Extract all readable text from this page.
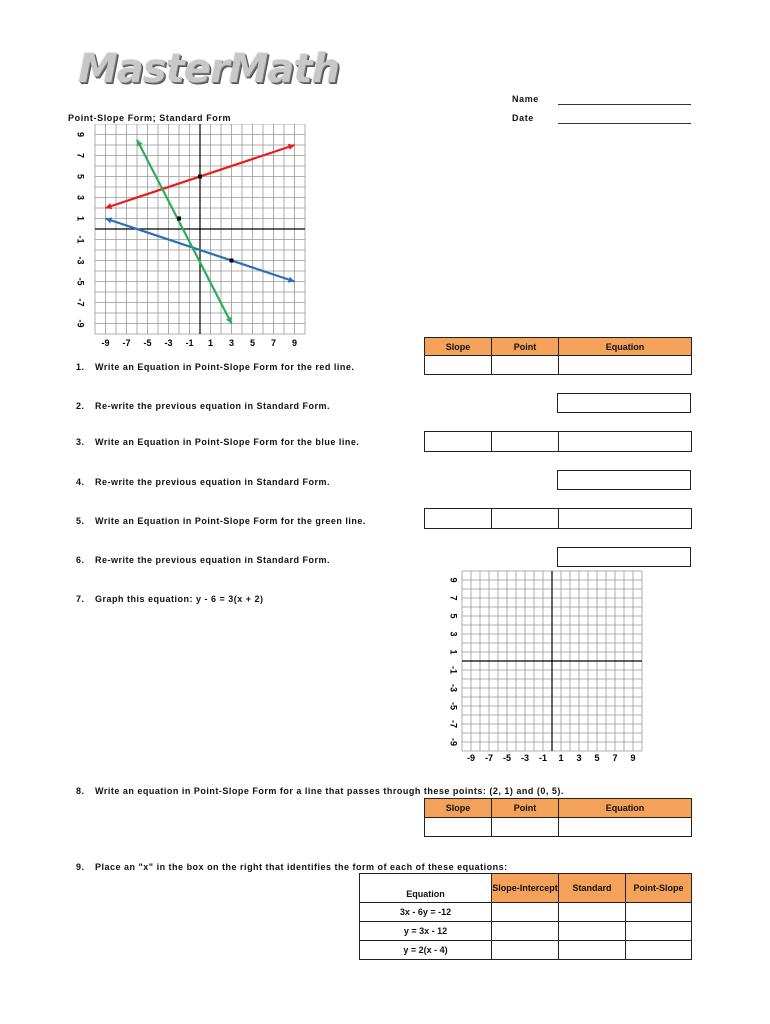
MasterMath
Name
Date
Point-Slope Form; Standard Form
-9
-9
-7
-7
-5
-5
-3
-3
-1
-1
1
1
3
3
5
5
7
7
9
9
-9
-9
-7
-7
-5
-5
-3
-3
-1
-1
1
1
3
3
5
5
7
7
9
9
Slope	Point	Equation

1. Write an Equation in Point-Slope Form for the red line.
2. Re-write the previous equation in Standard Form.
3. Write an Equation in Point-Slope Form for the blue line.

4. Re-write the previous equation in Standard Form.
5. Write an Equation in Point-Slope Form for the green line.

6. Re-write the previous equation in Standard Form.
7. Graph this equation: y - 6 = 3(x + 2)
8. Write an equation in Point-Slope Form for a line that passes through these points: (2, 1) and (0, 5).
Slope	Point	Equation

9. Place an "x" in the box on the right that identifies the form of each of these equations:
Equation	Slope-Intercept	Standard	Point-Slope
3x - 6y = -12			
y = 3x - 12			
y = 2(x - 4)			
